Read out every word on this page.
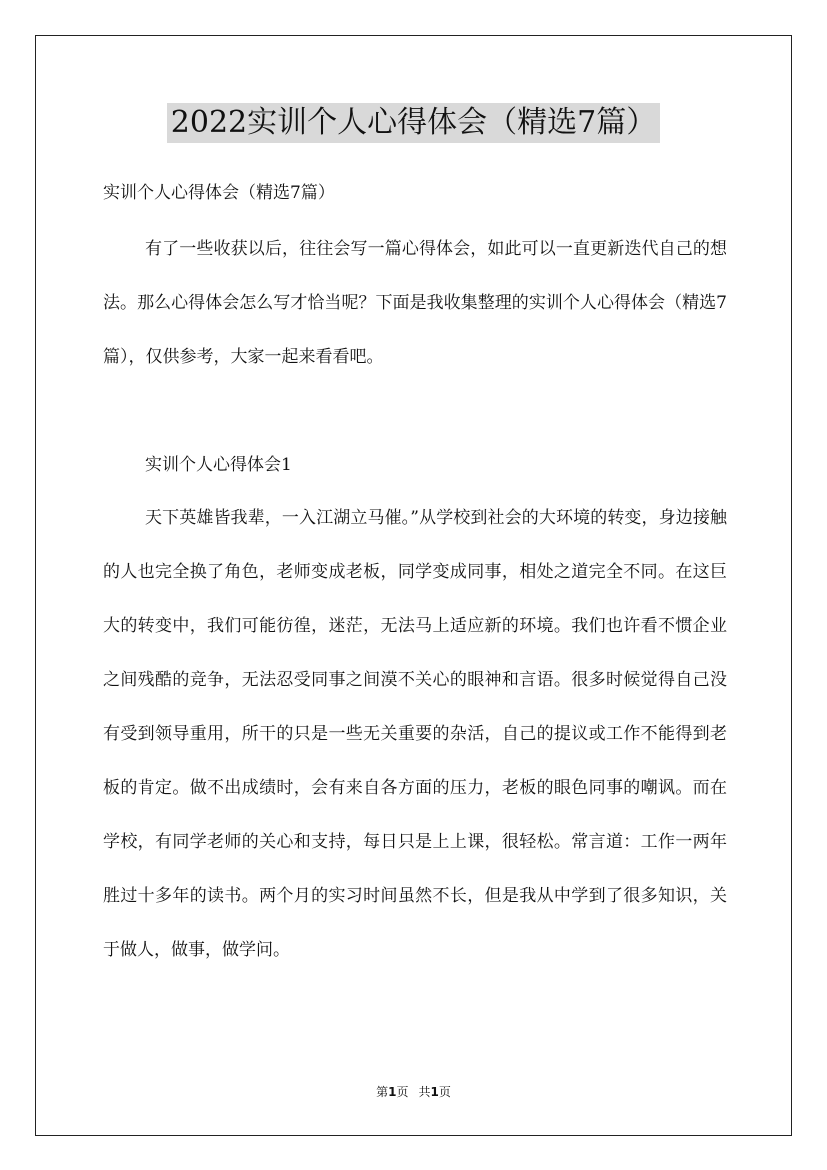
2022实训个人心得体会（精选7篇）

实训个人心得体会（精选7篇）

有了一些收获以后，往往会写一篇心得体会，如此可以一直更新迭代自己的想法。那么心得体会怎么写才恰当呢？下面是我收集整理的实训个人心得体会（精选7篇），仅供参考，大家一起来看看吧。

实训个人心得体会1

天下英雄皆我辈，一入江湖立马催。”从学校到社会的大环境的转变，身边接触的人也完全换了角色，老师变成老板，同学变成同事，相处之道完全不同。在这巨大的转变中，我们可能彷徨，迷茫，无法马上适应新的环境。我们也许看不惯企业之间残酷的竞争，无法忍受同事之间漠不关心的眼神和言语。很多时候觉得自己没有受到领导重用，所干的只是一些无关重要的杂活，自己的提议或工作不能得到老板的肯定。做不出成绩时，会有来自各方面的压力，老板的眼色同事的嘲讽。而在学校，有同学老师的关心和支持，每日只是上上课，很轻松。常言道：工作一两年胜过十多年的读书。两个月的实习时间虽然不长，但是我从中学到了很多知识，关于做人，做事，做学问。

第1页 共1页
